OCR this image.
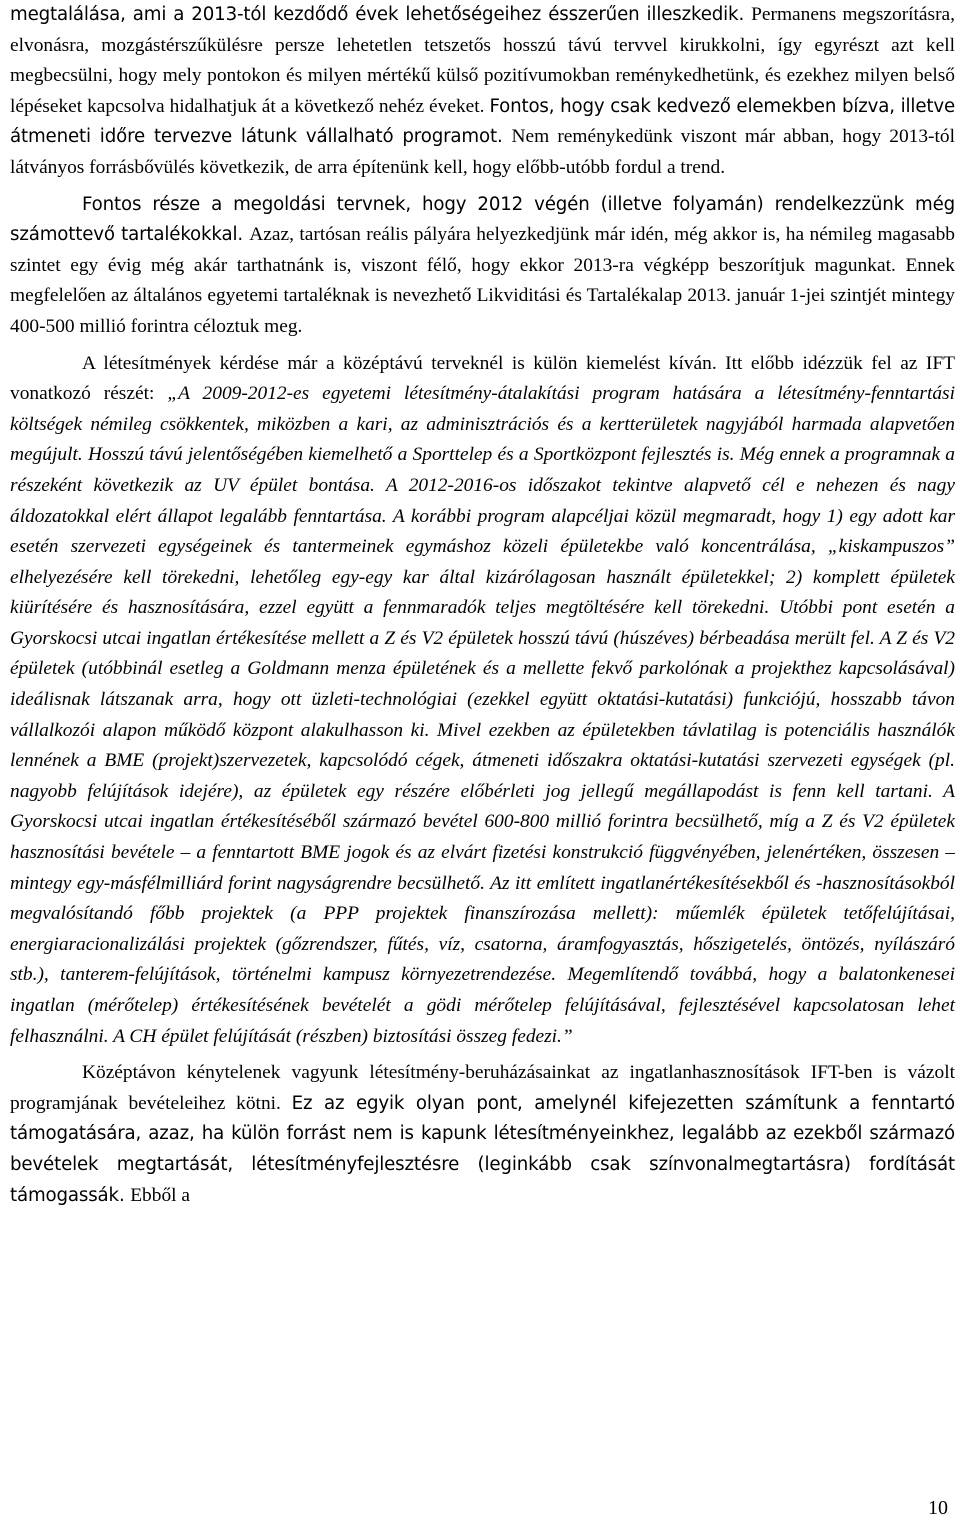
megtalálása, ami a 2013-tól kezdődő évek lehetőségeihez ésszerűen illeszkedik. Permanens megszorításra, elvonásra, mozgástérszűkülésre persze lehetetlen tetszetős hosszú távú tervvel kirukkolni, így egyrészt azt kell megbecsülni, hogy mely pontokon és milyen mértékű külső pozitívumokban reménykedhetünk, és ezekhez milyen belső lépéseket kapcsolva hidalhatjuk át a következő nehéz éveket. Fontos, hogy csak kedvező elemekben bízva, illetve átmeneti időre tervezve látunk vállalható programot. Nem reménykedünk viszont már abban, hogy 2013-tól látványos forrásbővülés következik, de arra építenünk kell, hogy előbb-utóbb fordul a trend.

Fontos része a megoldási tervnek, hogy 2012 végén (illetve folyamán) rendelkezzünk még számottevő tartalékokkal. Azaz, tartósan reális pályára helyezkedjünk már idén, még akkor is, ha némileg magasabb szintet egy évig még akár tarthatnánk is, viszont félő, hogy ekkor 2013-ra végképp beszorítjuk magunkat. Ennek megfelelően az általános egyetemi tartaléknak is nevezhető Likviditási és Tartalékalap 2013. január 1-jei szintjét mintegy 400-500 millió forintra céloztuk meg.

A létesítmények kérdése már a középtávú terveknél is külön kiemelést kíván. Itt előbb idézzük fel az IFT vonatkozó részét: „A 2009-2012-es egyetemi létesítmény-átalakítási program hatására a létesítmény-fenntartási költségek némileg csökkentek, miközben a kari, az adminisztrációs és a kertterületek nagyjából harmada alapvetően megújult. Hosszú távú jelentőségében kiemelhető a Sporttelep és a Sportközpont fejlesztés is. Még ennek a programnak a részeként következik az UV épület bontása. A 2012-2016-os időszakot tekintve alapvető cél e nehezen és nagy áldozatokkal elért állapot legalább fenntartása. A korábbi program alapcéljai közül megmaradt, hogy 1) egy adott kar esetén szervezeti egységeinek és tantermeinek egymáshoz közeli épületekbe való koncentrálása, „kiskampuszos” elhelyezésére kell törekedni, lehetőleg egy-egy kar által kizárólagosan használt épületekkel; 2) komplett épületek kiürítésére és hasznosítására, ezzel együtt a fennmaradók teljes megtöltésére kell törekedni. Utóbbi pont esetén a Gyorskocsi utcai ingatlan értékesítése mellett a Z és V2 épületek hosszú távú (húszéves) bérbeadása merült fel. A Z és V2 épületek (utóbbinál esetleg a Goldmann menza épületének és a mellette fekvő parkolónak a projekthez kapcsolásával) ideálisnak látszanak arra, hogy ott üzleti-technológiai (ezekkel együtt oktatási-kutatási) funkciójú, hosszabb távon vállalkozói alapon működő központ alakulhasson ki. Mivel ezekben az épületekben távlatilag is potenciális használók lennének a BME (projekt)szervezetek, kapcsolódó cégek, átmeneti időszakra oktatási-kutatási szervezeti egységek (pl. nagyobb felújítások idejére), az épületek egy részére előbérleti jog jellegű megállapodást is fenn kell tartani. A Gyorskocsi utcai ingatlan értékesítéséből származó bevétel 600-800 millió forintra becsülhető, míg a Z és V2 épületek hasznosítási bevétele – a fenntartott BME jogok és az elvárt fizetési konstrukció függvényében, jelenértéken, összesen – mintegy egy-másfélmilliárd forint nagyságrendre becsülhető. Az itt említett ingatlanértékesítésekből és -hasznosításokból megvalósítandó főbb projektek (a PPP projektek finanszírozása mellett): műemlék épületek tetőfelújításai, energiaracionalizálási projektek (gőzrendszer, fűtés, víz, csatorna, áramfogyasztás, hőszigetelés, öntözés, nyílászáró stb.), tanterem-felújítások, történelmi kampusz környezetrendezése. Megemlítendő továbbá, hogy a balatonkenesei ingatlan (mérőtelep) értékesítésének bevételét a gödi mérőtelep felújításával, fejlesztésével kapcsolatosan lehet felhasználni. A CH épület felújítását (részben) biztosítási összeg fedezi.”

Középtávon kénytelenek vagyunk létesítmény-beruházásainkat az ingatlanhasznosítások IFT-ben is vázolt programjának bevételeihez kötni. Ez az egyik olyan pont, amelynél kifejezetten számítunk a fenntartó támogatására, azaz, ha külön forrást nem is kapunk létesítményeinkhez, legalább az ezekből származó bevételek megtartását, létesítményfejlesztésre (leginkább csak színvonalmegtartásra) fordítását támogassák. Ebből a

10
